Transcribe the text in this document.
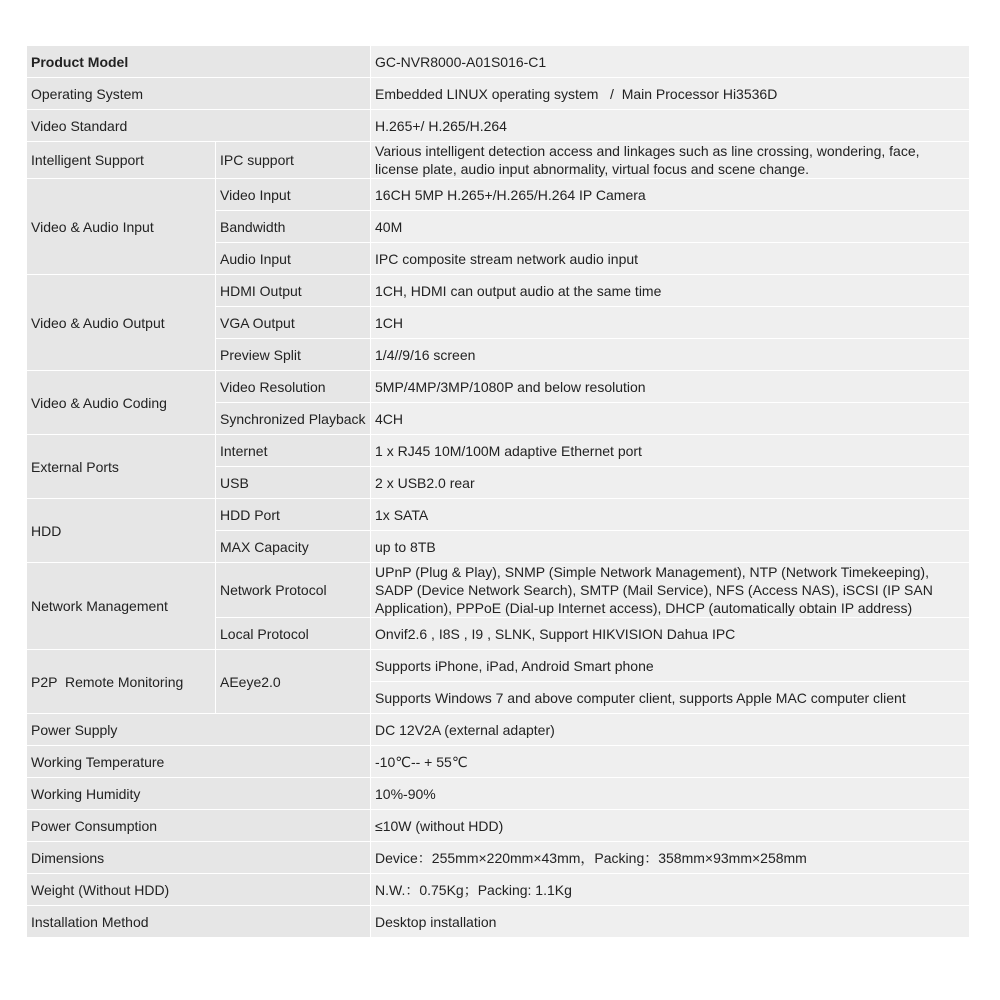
Product Model		GC-NVR8000-A01S016-C1
Operating System		Embedded LINUX operating system   /  Main Processor Hi3536D
Video Standard		H.265+/ H.265/H.264
Intelligent Support	IPC support	Various intelligent detection access and linkages such as line crossing, wondering, face, license plate, audio input abnormality, virtual focus and scene change.
Video & Audio Input	Video Input	16CH 5MP H.265+/H.265/H.264 IP Camera
	Bandwidth	40M
	Audio Input	IPC composite stream network audio input
Video & Audio Output	HDMI Output	1CH, HDMI can output audio at the same time
	VGA Output	1CH
	Preview Split	1/4//9/16 screen
Video & Audio Coding	Video Resolution	5MP/4MP/3MP/1080P and below resolution
	Synchronized Playback	4CH
External Ports	Internet	1 x RJ45 10M/100M adaptive Ethernet port
	USB	2 x USB2.0 rear
HDD	HDD Port	1x SATA
	MAX Capacity	up to 8TB
Network Management	Network Protocol	UPnP (Plug & Play), SNMP (Simple Network Management), NTP (Network Timekeeping), SADP (Device Network Search), SMTP (Mail Service), NFS (Access NAS), iSCSI (IP SAN Application), PPPoE (Dial-up Internet access), DHCP (automatically obtain IP address)
	Local Protocol	Onvif2.6 , I8S , I9 , SLNK, Support HIKVISION Dahua IPC
P2P  Remote Monitoring	AEeye2.0	Supports iPhone, iPad, Android Smart phone
		Supports Windows 7 and above computer client, supports Apple MAC computer client
Power Supply		DC 12V2A (external adapter)
Working Temperature		-10℃-- + 55℃
Working Humidity		10%-90%
Power Consumption		≤10W (without HDD)
Dimensions		Device：255mm×220mm×43mm，Packing：358mm×93mm×258mm
Weight (Without HDD)		N.W.：0.75Kg；Packing: 1.1Kg
Installation Method		Desktop installation
